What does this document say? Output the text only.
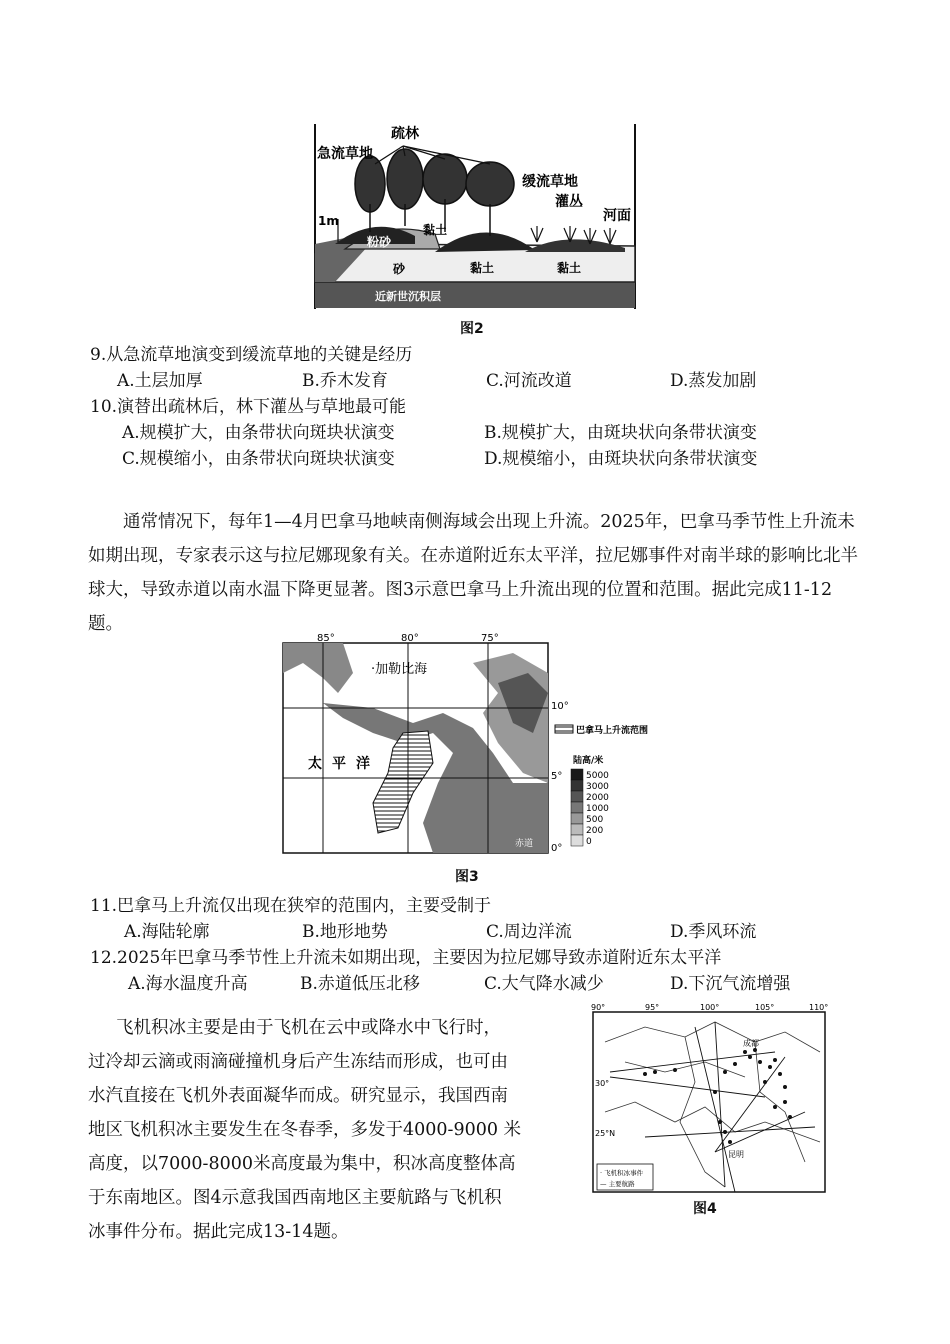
疏林
急流草地
缓流草地
灌丛
河面
1m
粉砂
黏土
砂	黏土	黏土
近新世沉积层
图2
9.从急流草地演变到缓流草地的关键是经历
A.土层加厚	B.乔木发育	C.河流改道	D.蒸发加剧
10.演替出疏林后，林下灌丛与草地最可能
A.规模扩大，由条带状向斑块状演变	B.规模扩大，由斑块状向条带状演变
C.规模缩小，由条带状向斑块状演变	D.规模缩小，由斑块状向条带状演变
通常情况下，每年1—4月巴拿马地峡南侧海域会出现上升流。2025年，巴拿马季节性上升流未如期出现，专家表示这与拉尼娜现象有关。在赤道附近东太平洋，拉尼娜事件对南半球的影响比北半球大，导致赤道以南水温下降更显著。图3示意巴拿马上升流出现的位置和范围。据此完成11-12题。
85°	80°	75°
10°
5°
0°
·加勒比海
太平洋
赤道
巴拿马上升流范围
陆高/米
5000
3000
2000
1000
500
200
0
图3
11.巴拿马上升流仅出现在狭窄的范围内，主要受制于
A.海陆轮廓	B.地形地势	C.周边洋流	D.季风环流
12.2025年巴拿马季节性上升流未如期出现，主要因为拉尼娜导致赤道附近东太平洋
A.海水温度升高	B.赤道低压北移	C.大气降水减少	D.下沉气流增强
飞机积冰主要是由于飞机在云中或降水中飞行时，
过冷却云滴或雨滴碰撞机身后产生冻结而形成，也可由
水汽直接在飞机外表面凝华而成。研究显示，我国西南
地区飞机积冰主要发生在冬春季，多发于4000-9000 米
高度，以7000-8000米高度最为集中，积冰高度整体高
于东南地区。图4示意我国西南地区主要航路与飞机积
冰事件分布。据此完成13-14题。
90°	95°	100°	105°	110°
30°
25°N
成都
昆明
· 飞机积冰事件
— 主要航路
图4
